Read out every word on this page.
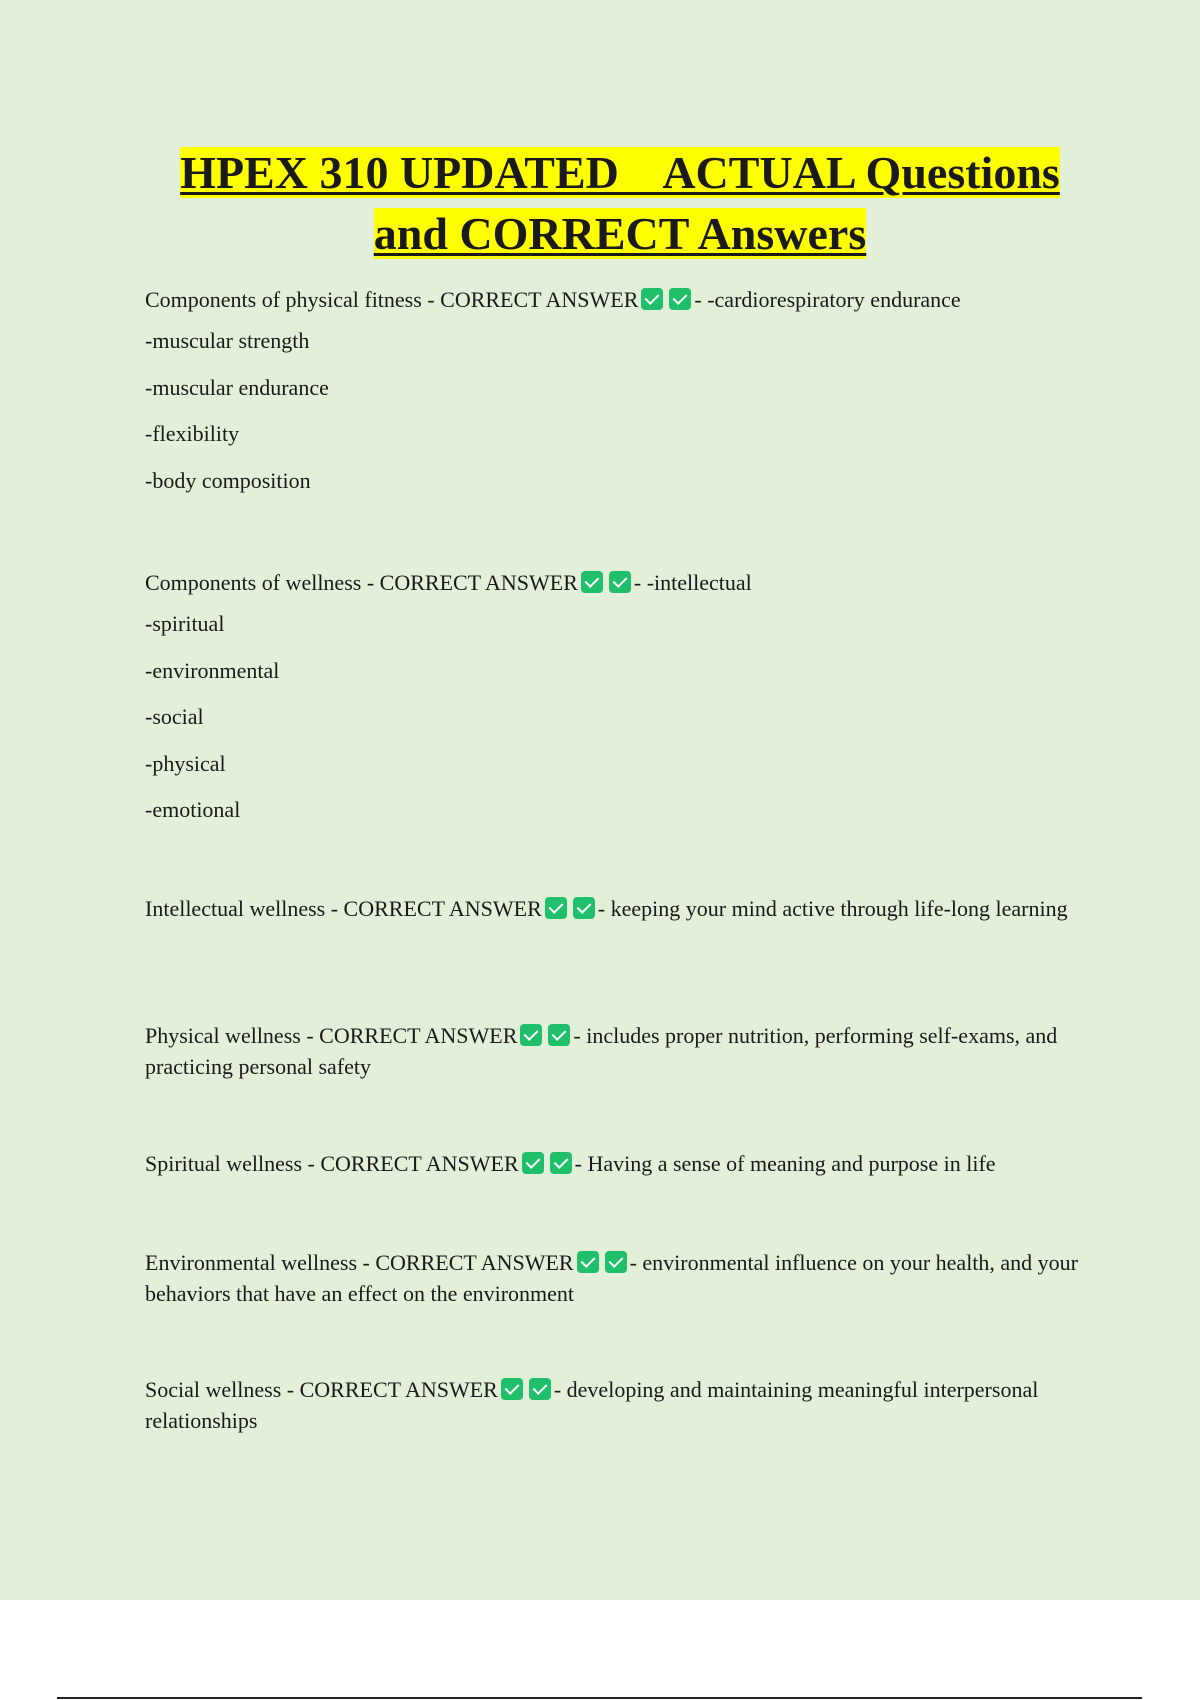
HPEX 310 UPDATED    ACTUAL Questions
and CORRECT Answers

Components of physical fitness - CORRECT ANSWER	- -cardiorespiratory endurance

-muscular strength

-muscular endurance

-flexibility

-body composition

Components of wellness - CORRECT ANSWER	- -intellectual

-spiritual

-environmental

-social

-physical

-emotional

Intellectual wellness - CORRECT ANSWER	- keeping your mind active through life-long learning

Physical wellness - CORRECT ANSWER	- includes proper nutrition, performing self-exams, and practicing personal safety

Spiritual wellness - CORRECT ANSWER	- Having a sense of meaning and purpose in life

Environmental wellness - CORRECT ANSWER	- environmental influence on your health, and your behaviors that have an effect on the environment

Social wellness - CORRECT ANSWER	- developing and maintaining meaningful interpersonal relationships
